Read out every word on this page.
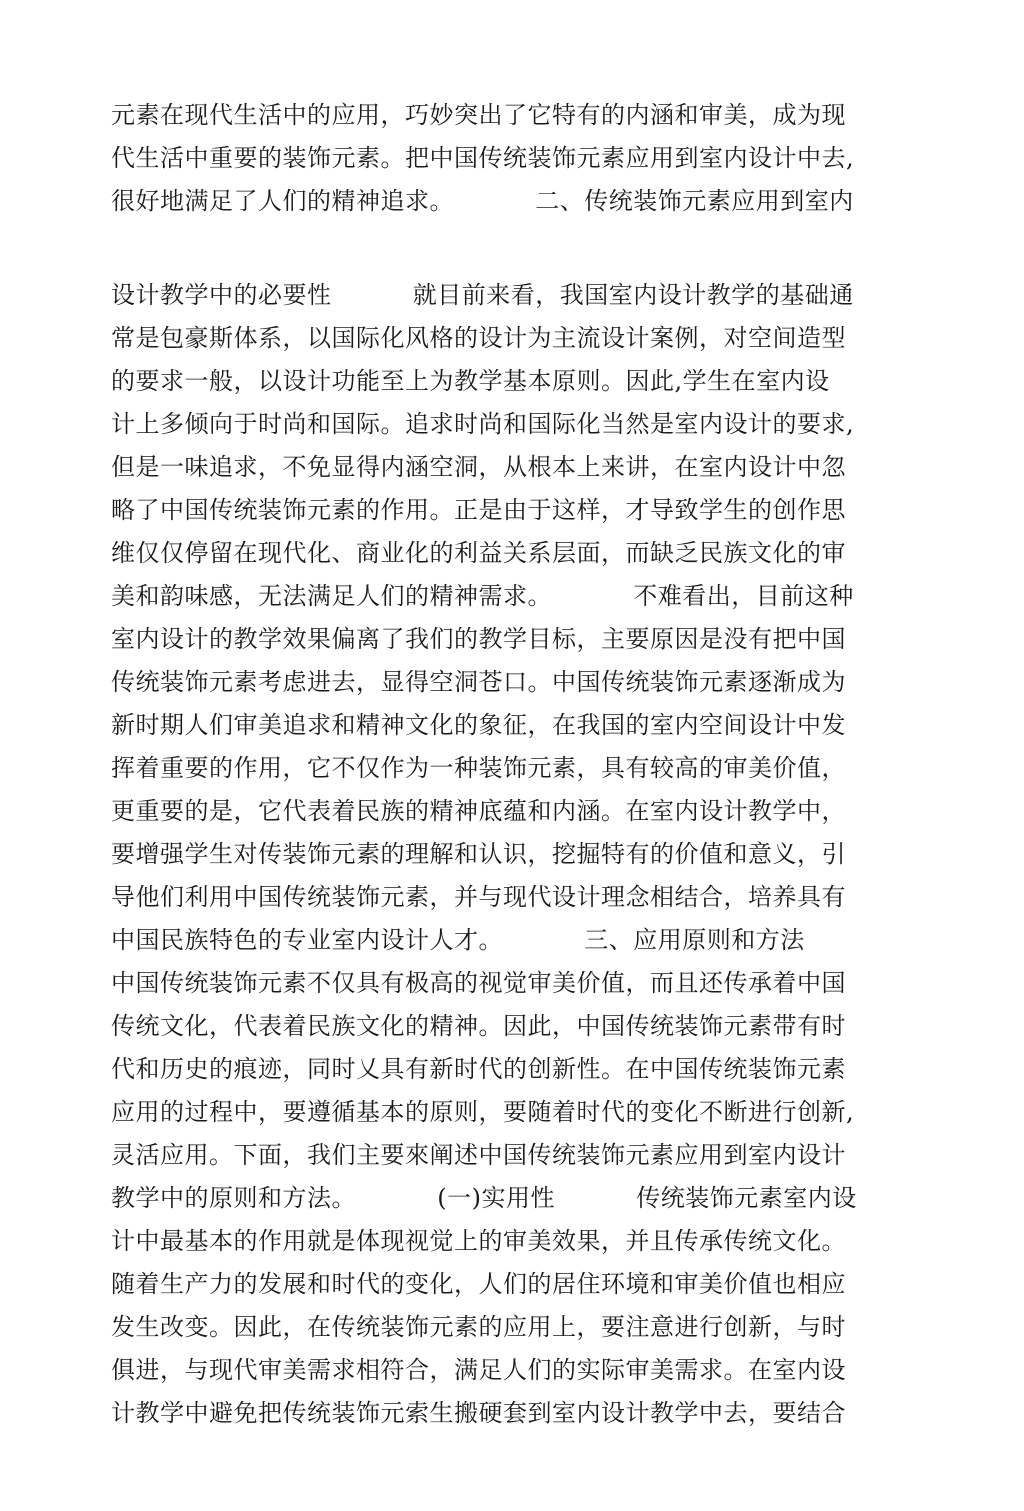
元素在现代生活中的应用，巧妙突出了它特有的内涵和审美，成为现
代生活中重要的装饰元素。把中国传统装饰元素应用到室内设计中去,
很好地满足了人们的精神追求。          二、传统装饰元素应用到室内
设计教学中的必要性          就目前来看，我国室内设计教学的基础通
常是包豪斯体系，以国际化风格的设计为主流设计案例，对空间造型
的要求一般，以设计功能至上为教学基本原则。因此,学生在室内设
计上多倾向于时尚和国际。追求时尚和国际化当然是室内设计的要求,
但是一味追求，不免显得内涵空洞，从根本上来讲，在室内设计中忽
略了中国传统装饰元素的作用。正是由于这样，才导致学生的创作思
维仅仅停留在现代化、商业化的利益关系层面，而缺乏民族文化的审
美和韵味感，无法满足人们的精神需求。          不难看出，目前这种
室内设计的教学效果偏离了我们的教学目标，主要原因是没有把中国
传统装饰元素考虑进去，显得空洞苍口。中国传统装饰元素逐渐成为
新时期人们审美追求和精神文化的象征，在我国的室内空间设计中发
挥着重要的作用，它不仅作为一种装饰元素，具有较高的审美价值，
更重要的是，它代表着民族的精神底蕴和内涵。在室内设计教学中，
要增强学生对传装饰元素的理解和认识，挖掘特有的价值和意义，引
导他们利用中国传统装饰元素，并与现代设计理念相结合，培养具有
中国民族特色的专业室内设计人才。          三、应用原则和方法
中国传统装饰元素不仅具有极高的视觉审美价值，而且还传承着中国
传统文化，代表着民族文化的精神。因此，中国传统装饰元素带有时
代和历史的痕迹，同时乂具有新时代的创新性。在中国传统装饰元素
应用的过程中，要遵循基本的原则，要随着时代的变化不断进行创新,
灵活应用。下面，我们主要來阐述中国传统装饰元素应用到室内设计
教学中的原则和方法。          (一)实用性          传统装饰元素室内设
计中最基本的作用就是体现视觉上的审美效果，并且传承传统文化。
随着生产力的发展和时代的变化，人们的居住环境和审美价值也相应
发生改变。因此，在传统装饰元素的应用上，要注意进行创新，与时
俱进，与现代审美需求相符合，满足人们的实际审美需求。在室内设
计教学中避免把传统装饰元索生搬硬套到室内设计教学中去，要结合
